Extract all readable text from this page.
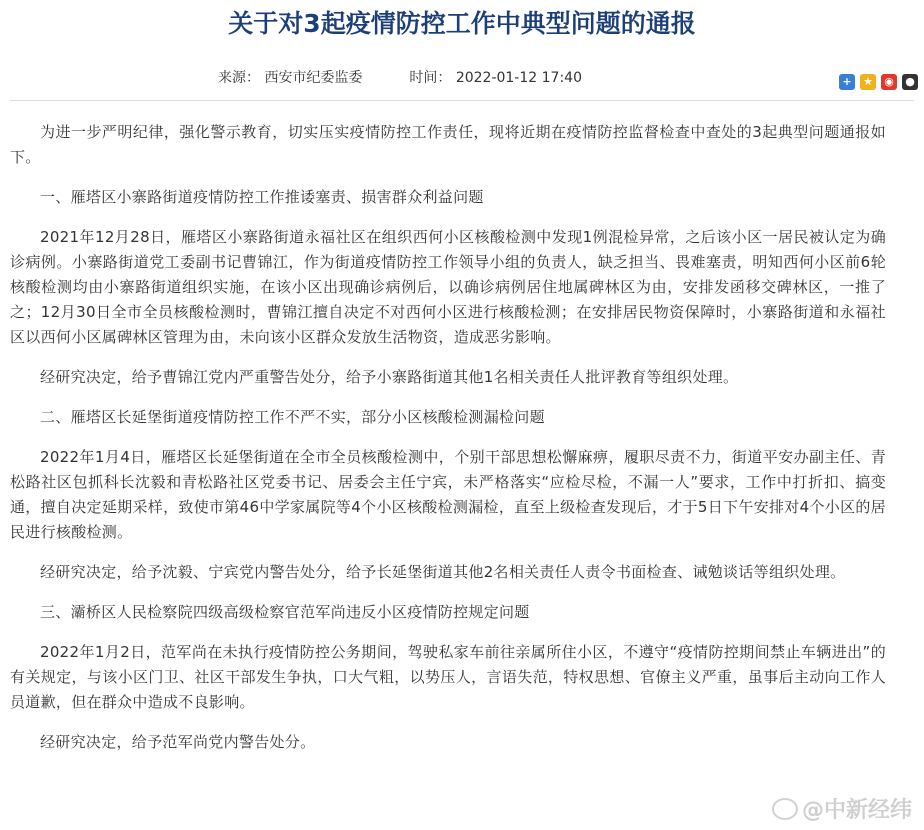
关于对3起疫情防控工作中典型问题的通报
来源： 西安市纪委监委	时间： 2022-01-12 17:40	+	★ ◉ ●

为进一步严明纪律，强化警示教育，切实压实疫情防控工作责任，现将近期在疫情防控监督检查中查处的3起典型问题通报如下。

一、雁塔区小寨路街道疫情防控工作推诿塞责、损害群众利益问题

2021年12月28日，雁塔区小寨路街道永福社区在组织西何小区核酸检测中发现1例混检异常，之后该小区一居民被认定为确诊病例。小寨路街道党工委副书记曹锦江，作为街道疫情防控工作领导小组的负责人，缺乏担当、畏难塞责，明知西何小区前6轮核酸检测均由小寨路街道组织实施，在该小区出现确诊病例后，以确诊病例居住地属碑林区为由，安排发函移交碑林区，一推了之；12月30日全市全员核酸检测时，曹锦江擅自决定不对西何小区进行核酸检测；在安排居民物资保障时，小寨路街道和永福社区以西何小区属碑林区管理为由，未向该小区群众发放生活物资，造成恶劣影响。

经研究决定，给予曹锦江党内严重警告处分，给予小寨路街道其他1名相关责任人批评教育等组织处理。

二、雁塔区长延堡街道疫情防控工作不严不实，部分小区核酸检测漏检问题

2022年1月4日，雁塔区长延堡街道在全市全员核酸检测中，个别干部思想松懈麻痹，履职尽责不力，街道平安办副主任、青松路社区包抓科长沈毅和青松路社区党委书记、居委会主任宁宾，未严格落实“应检尽检，不漏一人”要求，工作中打折扣、搞变通，擅自决定延期采样，致使市第46中学家属院等4个小区核酸检测漏检，直至上级检查发现后，才于5日下午安排对4个小区的居民进行核酸检测。

经研究决定，给予沈毅、宁宾党内警告处分，给予长延堡街道其他2名相关责任人责令书面检查、诫勉谈话等组织处理。

三、灞桥区人民检察院四级高级检察官范军尚违反小区疫情防控规定问题

2022年1月2日，范军尚在未执行疫情防控公务期间，驾驶私家车前往亲属所住小区，不遵守“疫情防控期间禁止车辆进出”的有关规定，与该小区门卫、社区干部发生争执，口大气粗，以势压人，言语失范，特权思想、官僚主义严重，虽事后主动向工作人员道歉，但在群众中造成不良影响。

经研究决定，给予范军尚党内警告处分。

@中新经纬
